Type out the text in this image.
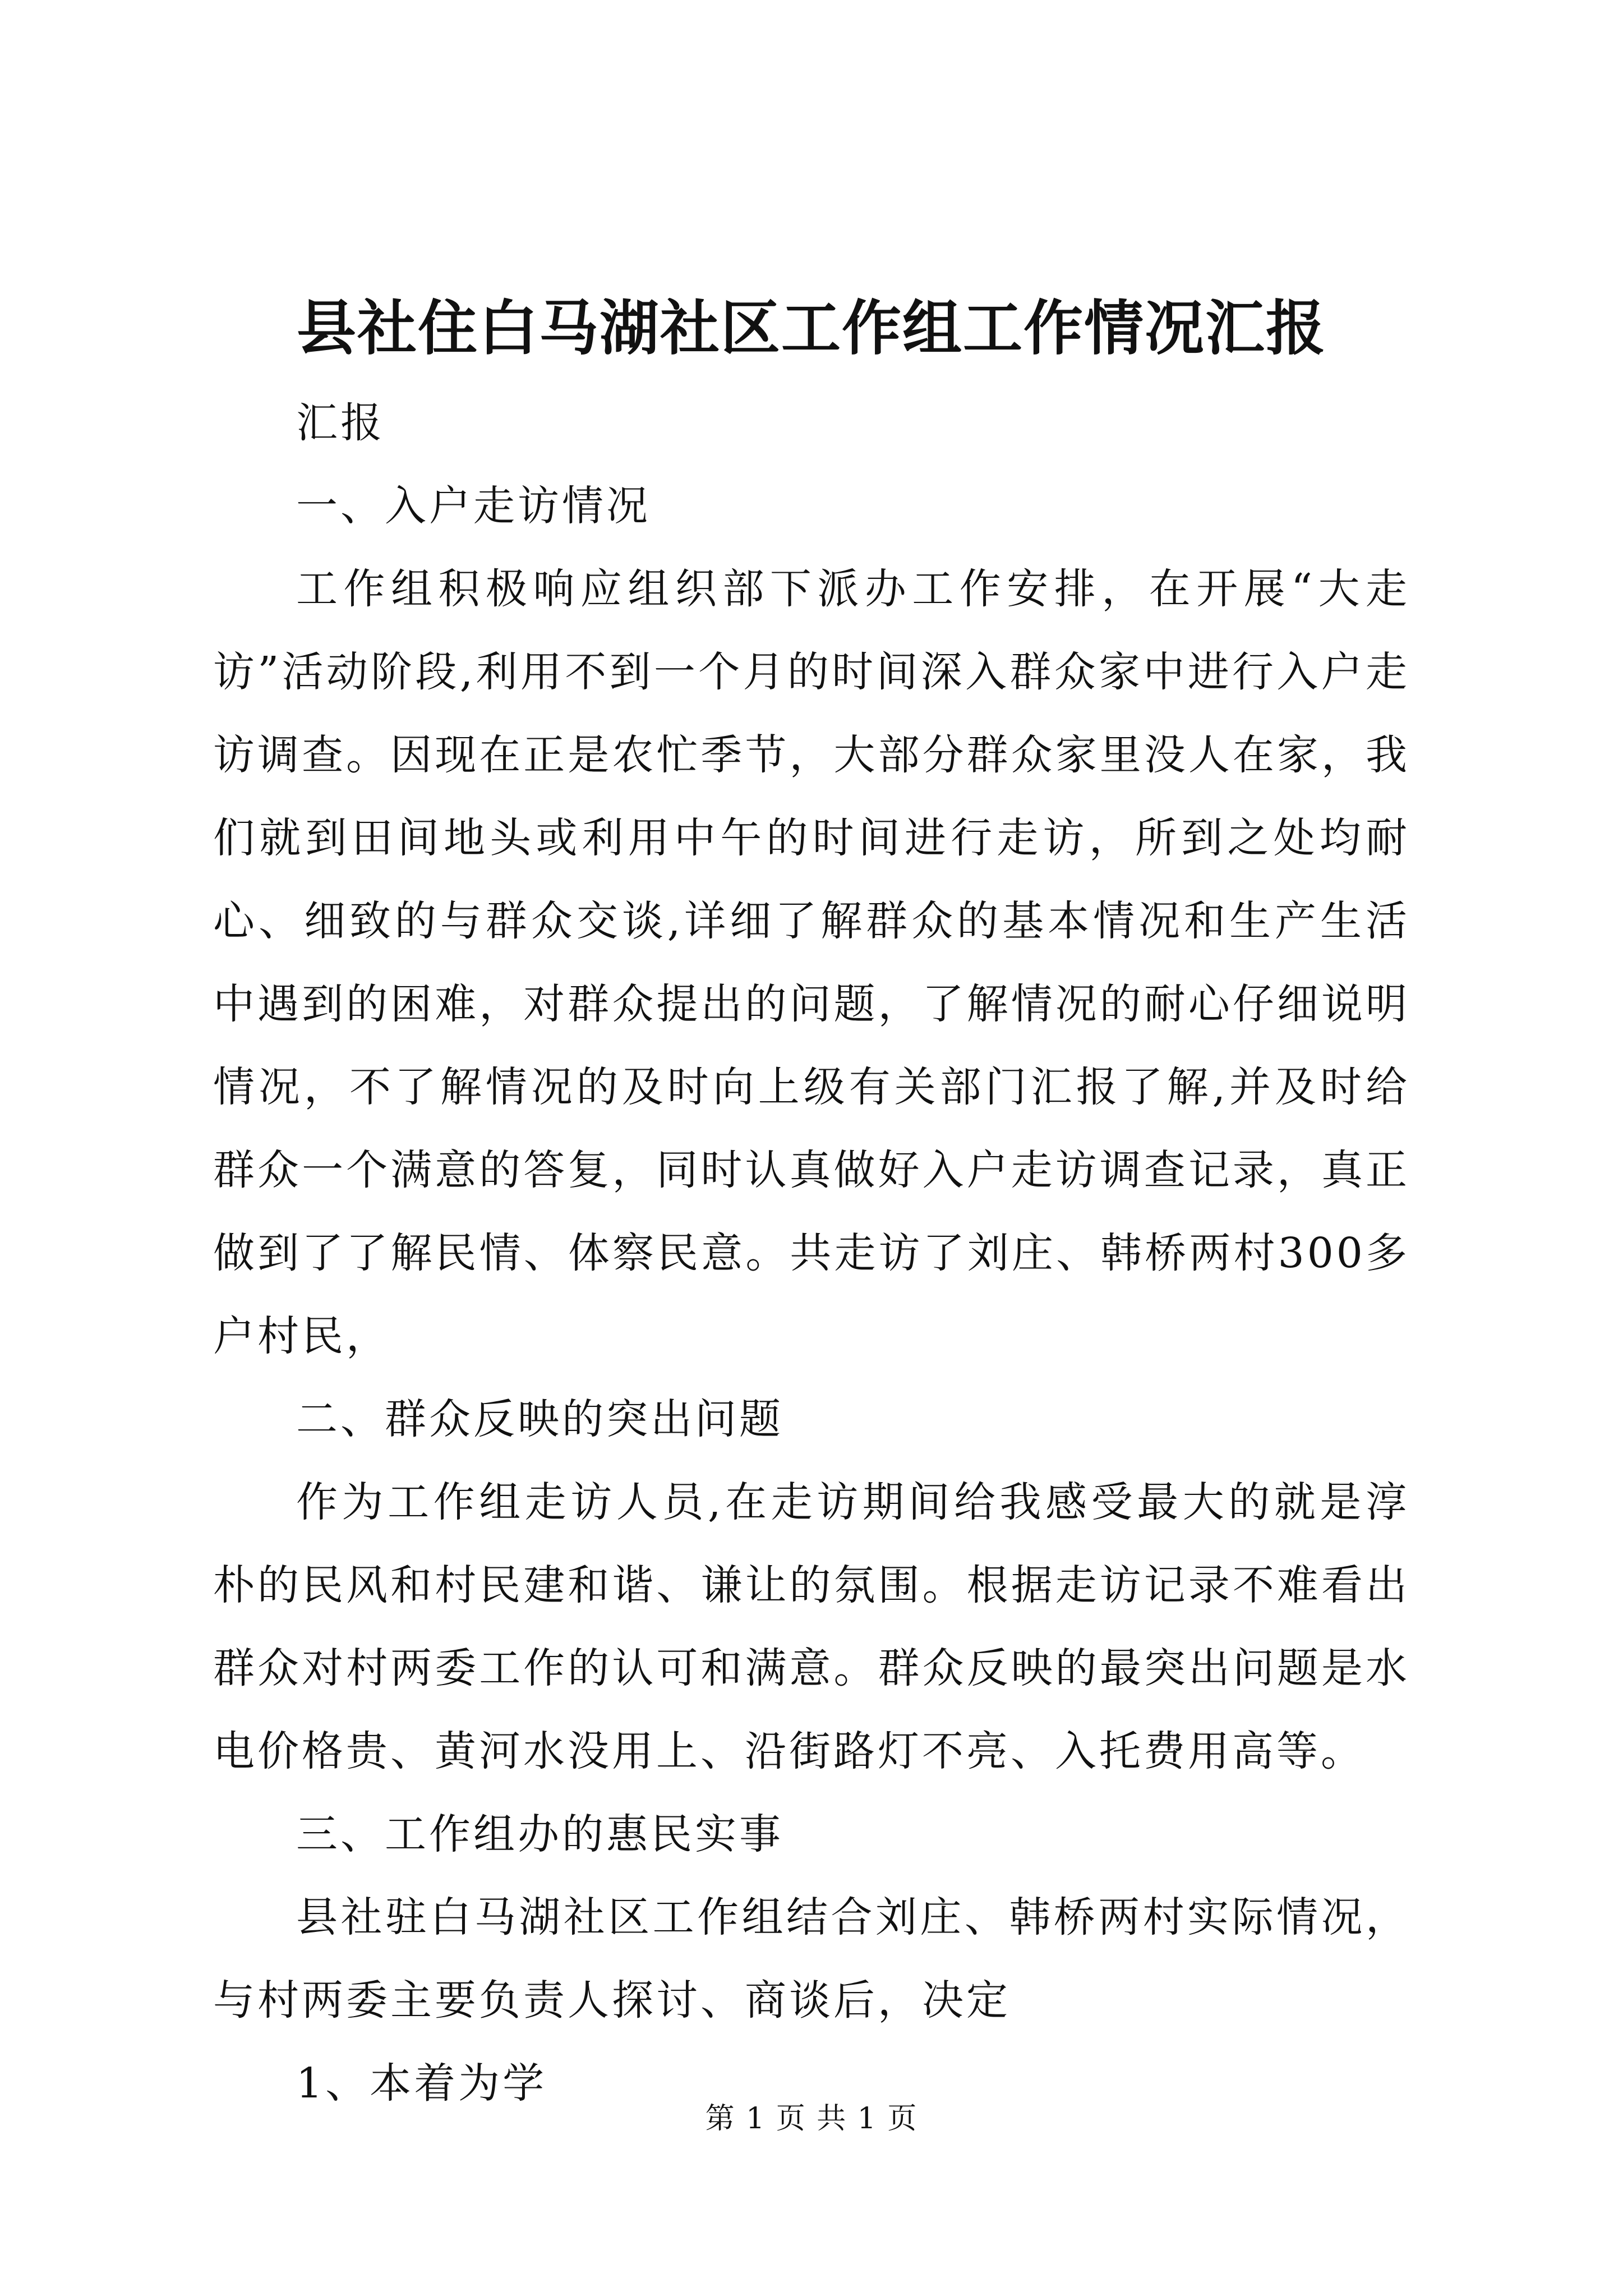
县社住白马湖社区工作组工作情况汇报

汇报

一、入户走访情况

工作组积极响应组织部下派办工作安排，在开展“大走访”活动阶段,利用不到一个月的时间深入群众家中进行入户走访调查。因现在正是农忙季节，大部分群众家里没人在家，我们就到田间地头或利用中午的时间进行走访，所到之处均耐心、细致的与群众交谈,详细了解群众的基本情况和生产生活中遇到的困难，对群众提出的问题，了解情况的耐心仔细说明情况，不了解情况的及时向上级有关部门汇报了解,并及时给群众一个满意的答复，同时认真做好入户走访调查记录，真正做到了了解民情、体察民意。共走访了刘庄、韩桥两村300多户村民，

二、群众反映的突出问题

作为工作组走访人员,在走访期间给我感受最大的就是淳朴的民风和村民建和谐、谦让的氛围。根据走访记录不难看出群众对村两委工作的认可和满意。群众反映的最突出问题是水电价格贵、黄河水没用上、沿街路灯不亮、入托费用高等。

三、工作组办的惠民实事

县社驻白马湖社区工作组结合刘庄、韩桥两村实际情况，与村两委主要负责人探讨、商谈后，决定

1、本着为学

第 1 页 共 1 页
